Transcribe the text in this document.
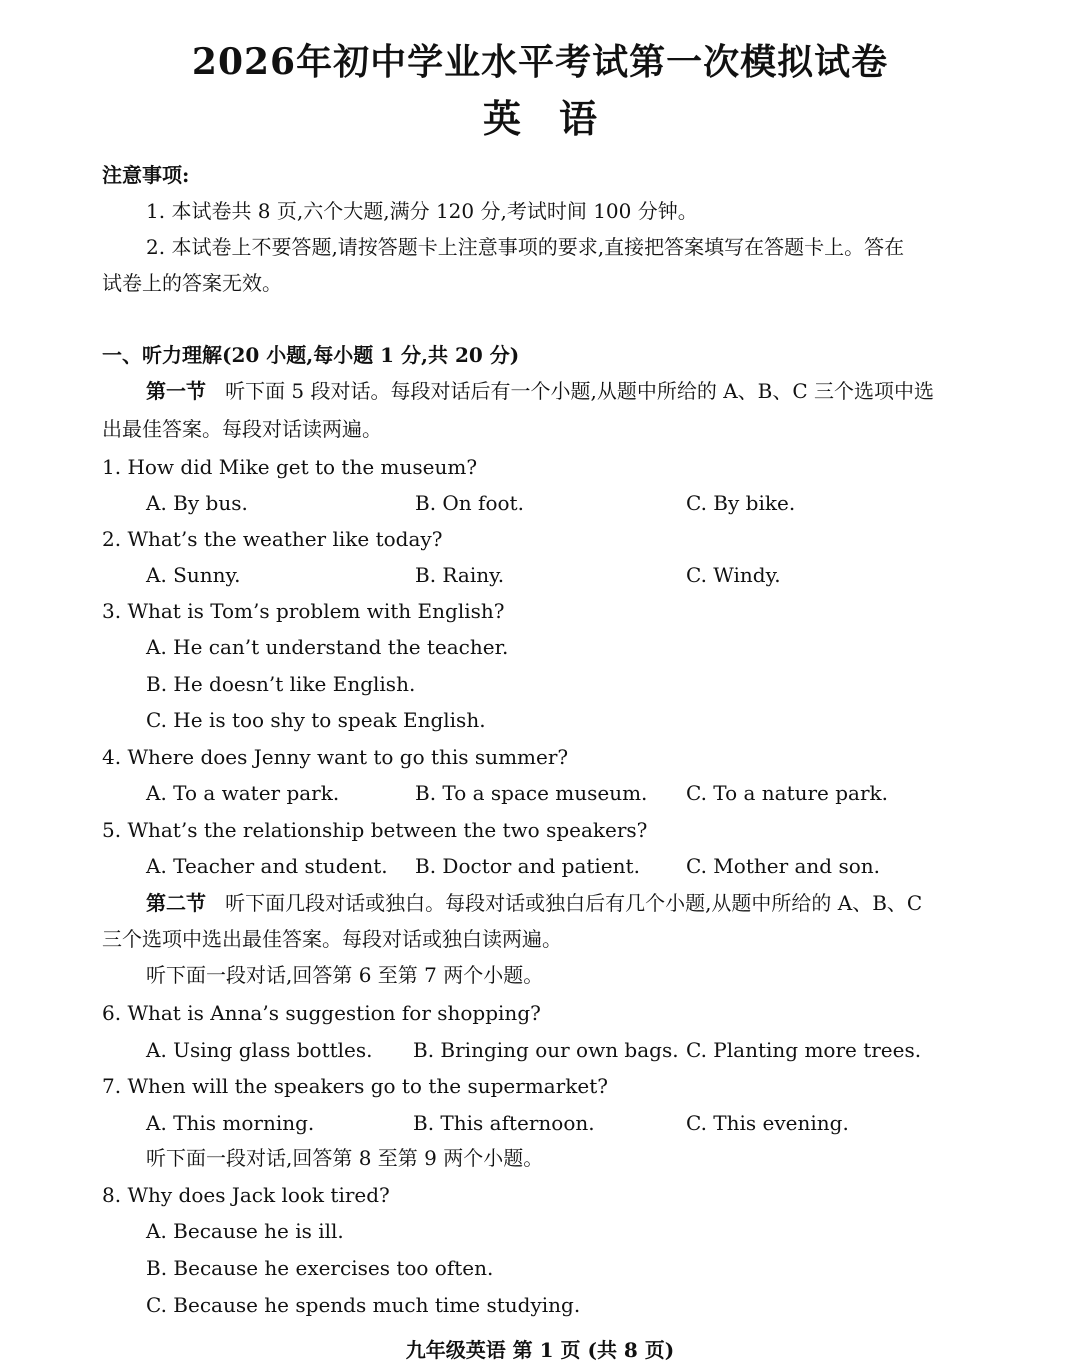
2026年初中学业水平考试第一次模拟试卷
英语
注意事项:
1. 本试卷共 8 页,六个大题,满分 120 分,考试时间 100 分钟。
2. 本试卷上不要答题,请按答题卡上注意事项的要求,直接把答案填写在答题卡上。答在
试卷上的答案无效。
一、听力理解(20 小题,每小题 1 分,共 20 分)
第一节 听下面 5 段对话。每段对话后有一个小题,从题中所给的 A、B、C 三个选项中选
出最佳答案。每段对话读两遍。
1. How did Mike get to the museum?
A. By bus.	B. On foot.	C. By bike.
2. What’s the weather like today?
A. Sunny.	B. Rainy.	C. Windy.
3. What is Tom’s problem with English?
A. He can’t understand the teacher.
B. He doesn’t like English.
C. He is too shy to speak English.
4. Where does Jenny want to go this summer?
A. To a water park.	B. To a space museum. C. To a nature park.
5. What’s the relationship between the two speakers?
A. Teacher and student. B. Doctor and patient. C. Mother and son.
第二节 听下面几段对话或独白。每段对话或独白后有几个小题,从题中所给的 A、B、C
三个选项中选出最佳答案。每段对话或独白读两遍。
听下面一段对话,回答第 6 至第 7 两个小题。
6. What is Anna’s suggestion for shopping?
A. Using glass bottles. B. Bringing our own bags. C. Planting more trees.
7. When will the speakers go to the supermarket?
A. This morning.	B. This afternoon.	C. This evening.
听下面一段对话,回答第 8 至第 9 两个小题。
8. Why does Jack look tired?
A. Because he is ill.
B. Because he exercises too often.
C. Because he spends much time studying.
九年级英语 第 1 页 (共 8 页)
